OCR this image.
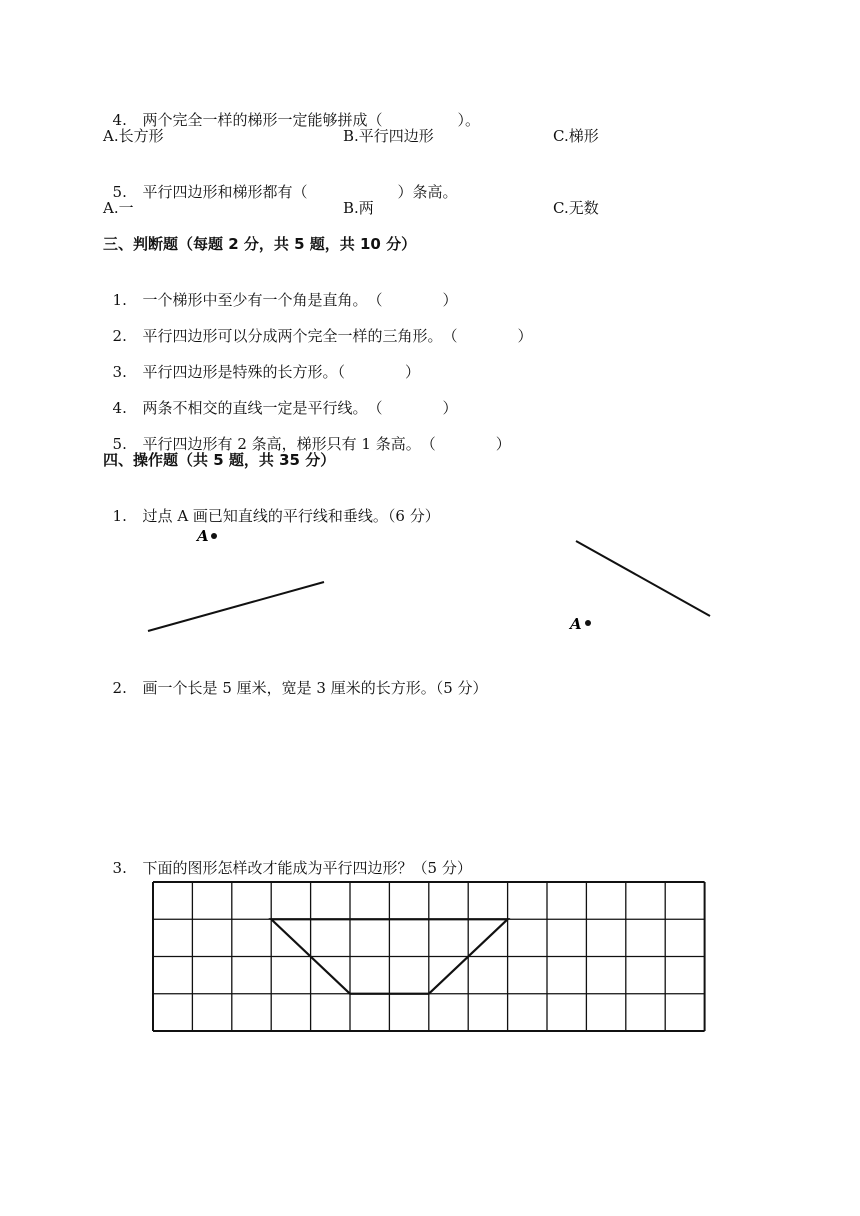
4. 两个完全一样的梯形一定能够拼成（　　　　　）。

A.长方形	B.平行四边形	C.梯形

5. 平行四边形和梯形都有（　　　　　　）条高。

A.一	B.两	C.无数
三、判断题（每题 2 分，共 5 题，共 10 分）

1. 一个梯形中至少有一个角是直角。　（　　　　）

2. 平行四边形可以分成两个完全一样的三角形。　（　　　　）

3. 平行四边形是特殊的长方形。（　　　　）

4. 两条不相交的直线一定是平行线。　（　　　　）

5. 平行四边形有 2 条高，梯形只有 1 条高。　（　　　　）

四、操作题（共 5 题，共 35 分）

1. 过点 A 画已知直线的平行线和垂线。（6 分）

A
A

2. 画一个长是 5 厘米，宽是 3 厘米的长方形。（5 分）

3. 下面的图形怎样改才能成为平行四边形？（5 分）
